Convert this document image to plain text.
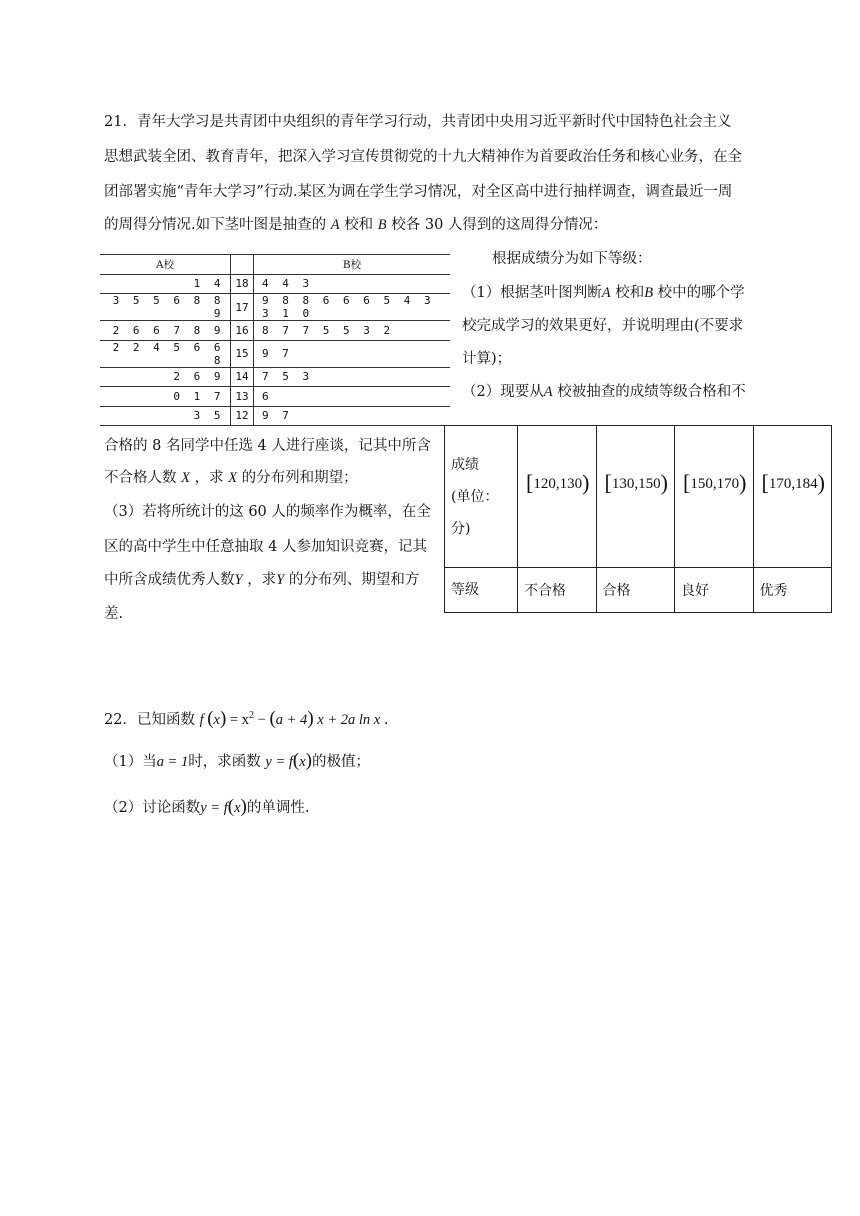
21．青年大学习是共青团中央组织的青年学习行动，共青团中央用习近平新时代中国特色社会主义
思想武装全团、教育青年，把深入学习宣传贯彻党的十九大精神作为首要政治任务和核心业务，在全
团部署实施“青年大学习”行动.某区为调在学生学习情况，对全区高中进行抽样调查，调查最近一周
的周得分情况.如下茎叶图是抽查的 A 校和 B 校各 30 人得到的这周得分情况：
A校		B校
1 4	18	4 4 3
3 5 5 6 8 8 9	17	9 8 8 6 6 6 5 4 3 3 1 0
2 6 6 7 8 9	16	8 7 7 5 5 3 2
2 2 4 5 6 6 8	15	9 7
2 6 9	14	7 5 3
0 1 7	13	6
3 5	12	9 7
根据成绩分为如下等级：
（1）根据茎叶图判断A 校和B 校中的哪个学
校完成学习的效果更好，并说明理由(不要求
计算)；
（2）现要从A 校被抽查的成绩等级合格和不
合格的 8 名同学中任选 4 人进行座谈，记其中所含
不合格人数 X ，求 X 的分布列和期望；
（3）若将所统计的这 60 人的频率作为概率，在全
区的高中学生中任意抽取 4 人参加知识竞赛，记其
中所含成绩优秀人数Y ，求Y 的分布列、期望和方
差.
成绩
(单位：
分)	[120,130)	[130,150)	[150,170)	[170,184)
等级	不合格	合格	良好	优秀
22．已知函数 f $(x) = x^2 - (a + 4) x + 2a$ ln x .
（1）当a = 1时，求函数 y = f(x)的极值；
（2）讨论函数y = f(x)的单调性.
